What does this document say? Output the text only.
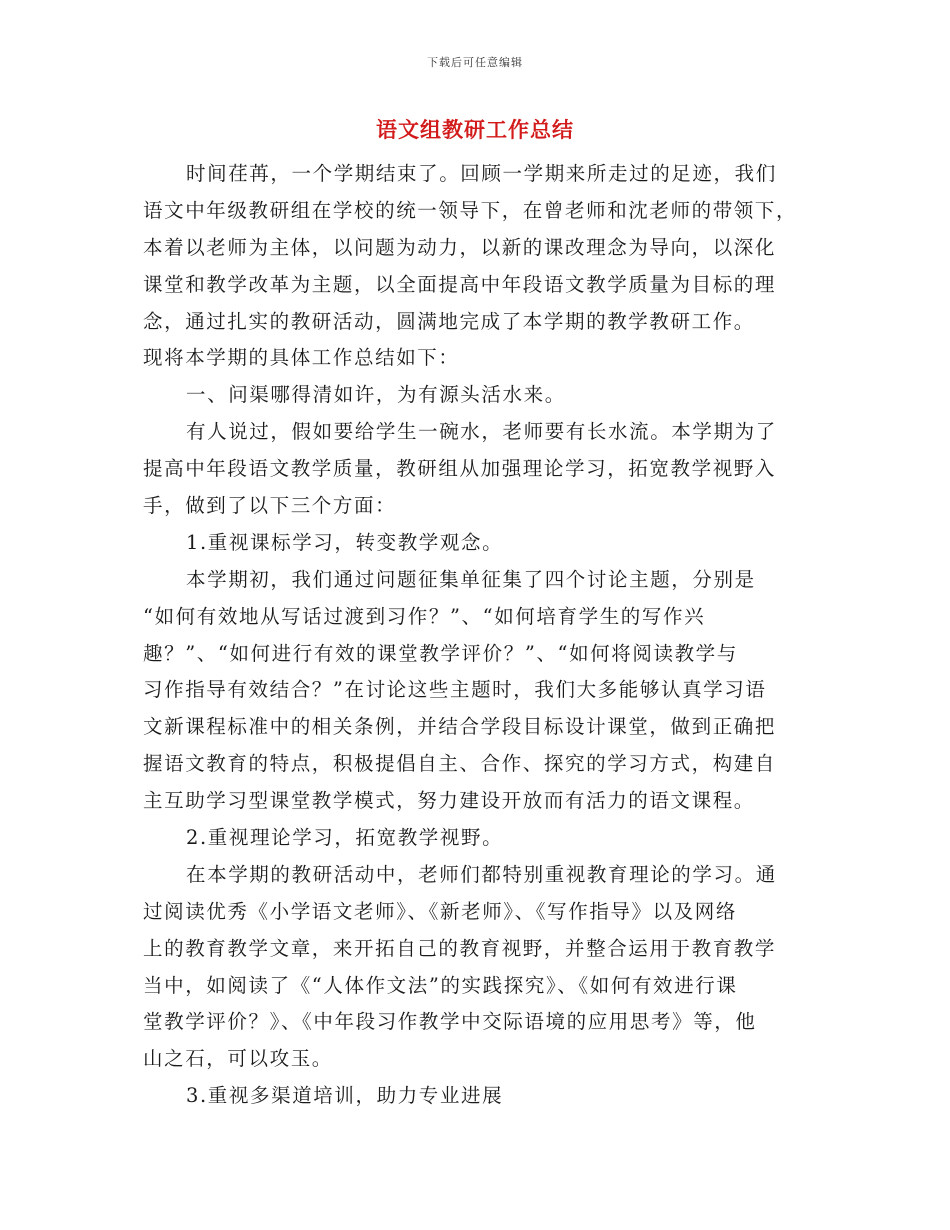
下载后可任意编辑
语文组教研工作总结
时间荏苒，一个学期结束了。回顾一学期来所走过的足迹，我们
语文中年级教研组在学校的统一领导下，在曾老师和沈老师的带领下，
本着以老师为主体，以问题为动力，以新的课改理念为导向，以深化
课堂和教学改革为主题，以全面提高中年段语文教学质量为目标的理
念，通过扎实的教研活动，圆满地完成了本学期的教学教研工作。
现将本学期的具体工作总结如下：
一、问渠哪得清如许，为有源头活水来。
有人说过，假如要给学生一碗水，老师要有长水流。本学期为了
提高中年段语文教学质量，教研组从加强理论学习，拓宽教学视野入
手，做到了以下三个方面：
1.重视课标学习，转变教学观念。
本学期初，我们通过问题征集单征集了四个讨论主题，分别是
“如何有效地从写话过渡到习作？”、“如何培育学生的写作兴
趣？”、“如何进行有效的课堂教学评价？”、“如何将阅读教学与
习作指导有效结合？”在讨论这些主题时，我们大多能够认真学习语
文新课程标准中的相关条例，并结合学段目标设计课堂，做到正确把
握语文教育的特点，积极提倡自主、合作、探究的学习方式，构建自
主互助学习型课堂教学模式，努力建设开放而有活力的语文课程。
2.重视理论学习，拓宽教学视野。
在本学期的教研活动中，老师们都特别重视教育理论的学习。通
过阅读优秀《小学语文老师》、《新老师》、《写作指导》以及网络
上的教育教学文章，来开拓自己的教育视野，并整合运用于教育教学
当中，如阅读了《“人体作文法”的实践探究》、《如何有效进行课
堂教学评价？》、《中年段习作教学中交际语境的应用思考》等，他
山之石，可以攻玉。
3.重视多渠道培训，助力专业进展
